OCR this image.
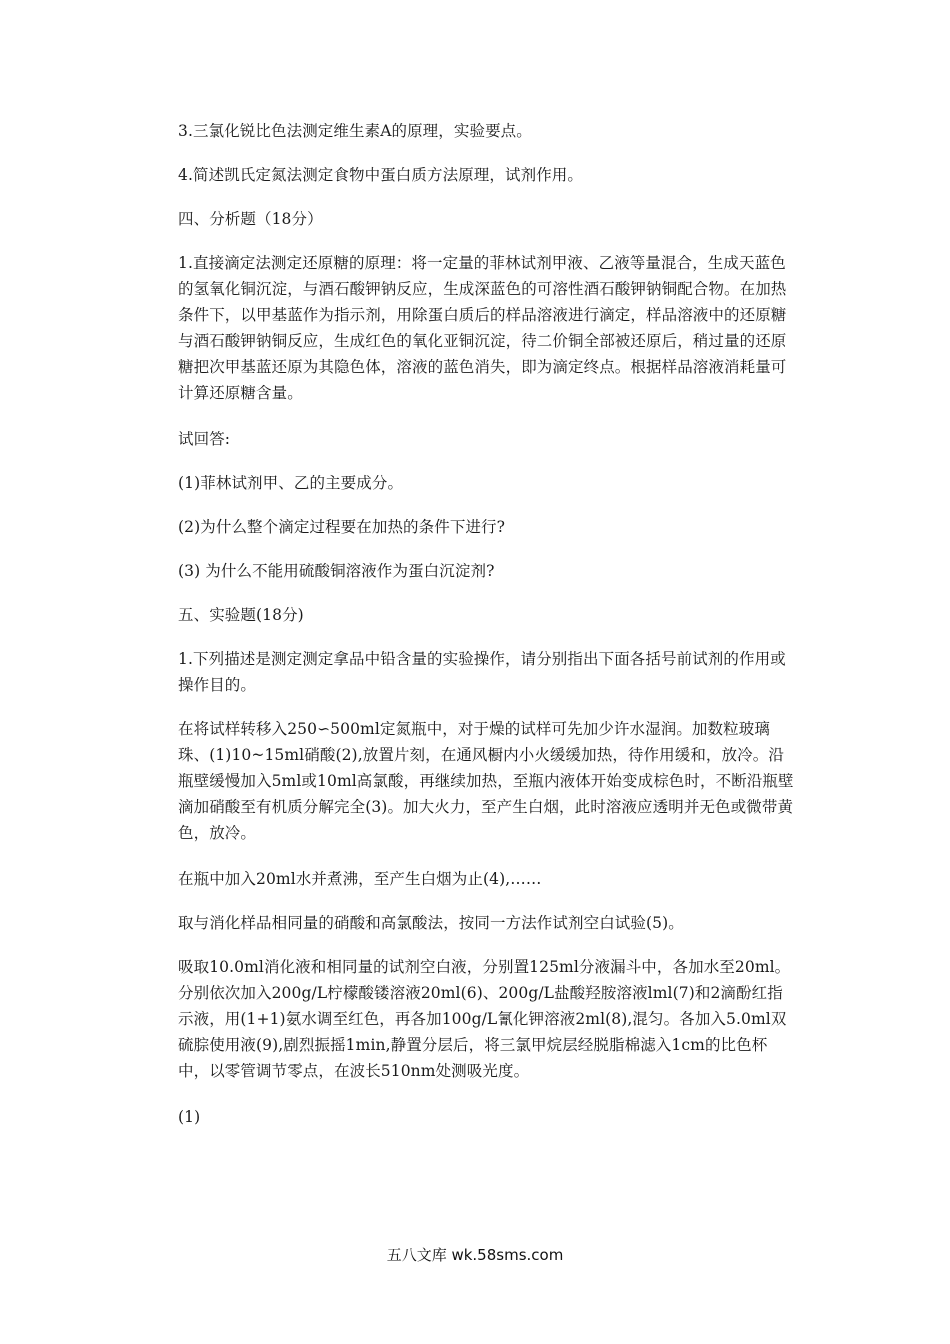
3.三氯化锐比色法测定维生素A的原理，实验要点。

4.简述凯氏定氮法测定食物中蛋白质方法原理，试剂作用。

四、分析题（18分）

1.直接滴定法测定还原糖的原理：将一定量的菲林试剂甲液、乙液等量混合，生成天蓝色的氢氧化铜沉淀，与酒石酸钾钠反应，生成深蓝色的可溶性酒石酸钾钠铜配合物。在加热条件下，以甲基蓝作为指示剂，用除蛋白质后的样品溶液进行滴定，样品溶液中的还原糖与酒石酸钾钠铜反应，生成红色的氧化亚铜沉淀，待二价铜全部被还原后，稍过量的还原糖把次甲基蓝还原为其隐色体，溶液的蓝色消失，即为滴定终点。根据样品溶液消耗量可计算还原糖含量。

试回答:

(1)菲林试剂甲、乙的主要成分。

(2)为什么整个滴定过程要在加热的条件下进行?

(3) 为什么不能用硫酸铜溶液作为蛋白沉淀剂?

五、实验题(18分)

1.下列描述是测定测定拿品中铅含量的实验操作，请分别指出下面各括号前试剂的作用或操作目的。

在将试样转移入250∽500ml定氮瓶中，对于燥的试样可先加少许水湿润。加数粒玻璃珠、(1)10~15ml硝酸(2),放置片刻，在通风橱内小火缓缓加热，待作用缓和，放冷。沿瓶壁缓慢加入5ml或10ml高氯酸，再继续加热，至瓶内液体开始变成棕色时，不断沿瓶壁滴加硝酸至有机质分解完全(3)。加大火力，至产生白烟，此时溶液应透明并无色或微带黄色，放冷。

在瓶中加入20ml水并煮沸，至产生白烟为止(4),……

取与消化样品相同量的硝酸和高氯酸法，按同一方法作试剂空白试验(5)。

吸取10.0ml消化液和相同量的试剂空白液，分别置125ml分液漏斗中，各加水至20ml。分别依次加入200g/L柠檬酸镂溶液20ml(6)、200g/L盐酸羟胺溶液lml(7)和2滴酚红指示液，用(1+1)氨水调至红色，再各加100g/L氰化钾溶液2ml(8),混匀。各加入5.0ml双硫腙使用液(9),剧烈振摇1min,静置分层后，将三氯甲烷层经脱脂棉滤入1cm的比色杯中，以零管调节零点，在波长510nm处测吸光度。

(1)

五八文库 wk.58sms.com
